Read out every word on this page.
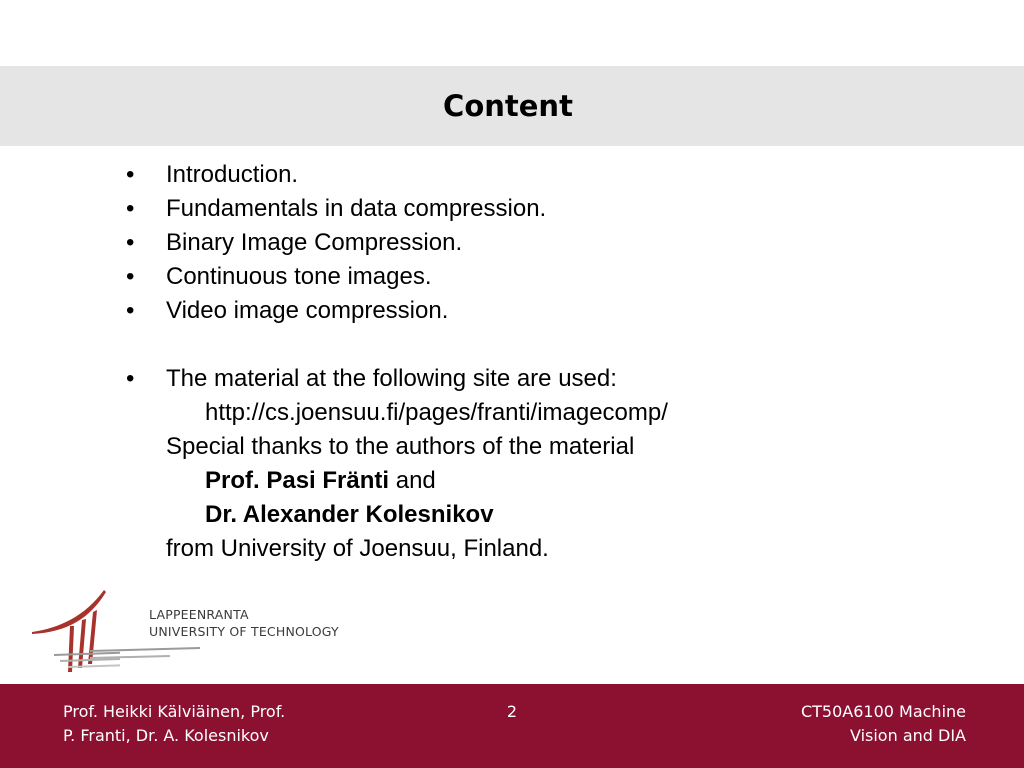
Content
• Introduction.
• Fundamentals in data compression.
• Binary Image Compression.
• Continuous tone images.
• Video image compression.
• The material at the following site are used:
http://cs.joensuu.fi/pages/franti/imagecomp/
Special thanks to the authors of the material
Prof. Pasi Fränti and
Dr. Alexander Kolesnikov
from University of Joensuu, Finland.
LAPPEENRANTA
UNIVERSITY OF TECHNOLOGY
Prof. Heikki Kälviäinen, Prof.
P. Franti, Dr. A. Kolesnikov
2	CT50A6100 Machine
Vision and DIA
